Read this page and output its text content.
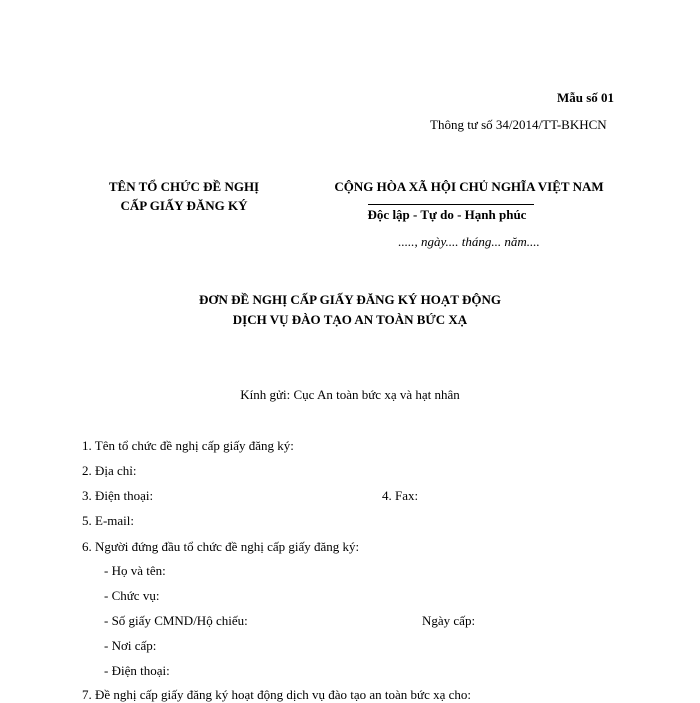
Mẫu số 01
Thông tư số 34/2014/TT-BKHCN
TÊN TỔ CHỨC ĐỀ NGHỊ
CẤP GIẤY ĐĂNG KÝ
CỘNG HÒA XÃ HỘI CHỦ NGHĨA VIỆT NAM
Độc lập - Tự do - Hạnh phúc
....., ngày.... tháng... năm....
ĐƠN ĐỀ NGHỊ CẤP GIẤY ĐĂNG KÝ HOẠT ĐỘNG
DỊCH VỤ ĐÀO TẠO AN TOÀN BỨC XẠ
Kính gửi: Cục An toàn bức xạ và hạt nhân
1. Tên tổ chức đề nghị cấp giấy đăng ký:
2. Địa chỉ:
3. Điện thoại:	4. Fax:
5. E-mail:
6. Người đứng đầu tổ chức đề nghị cấp giấy đăng ký:
- Họ và tên:
- Chức vụ:
- Số giấy CMND/Hộ chiếu:	Ngày cấp:
- Nơi cấp:
- Điện thoại:
7. Đề nghị cấp giấy đăng ký hoạt động dịch vụ đào tạo an toàn bức xạ cho:
